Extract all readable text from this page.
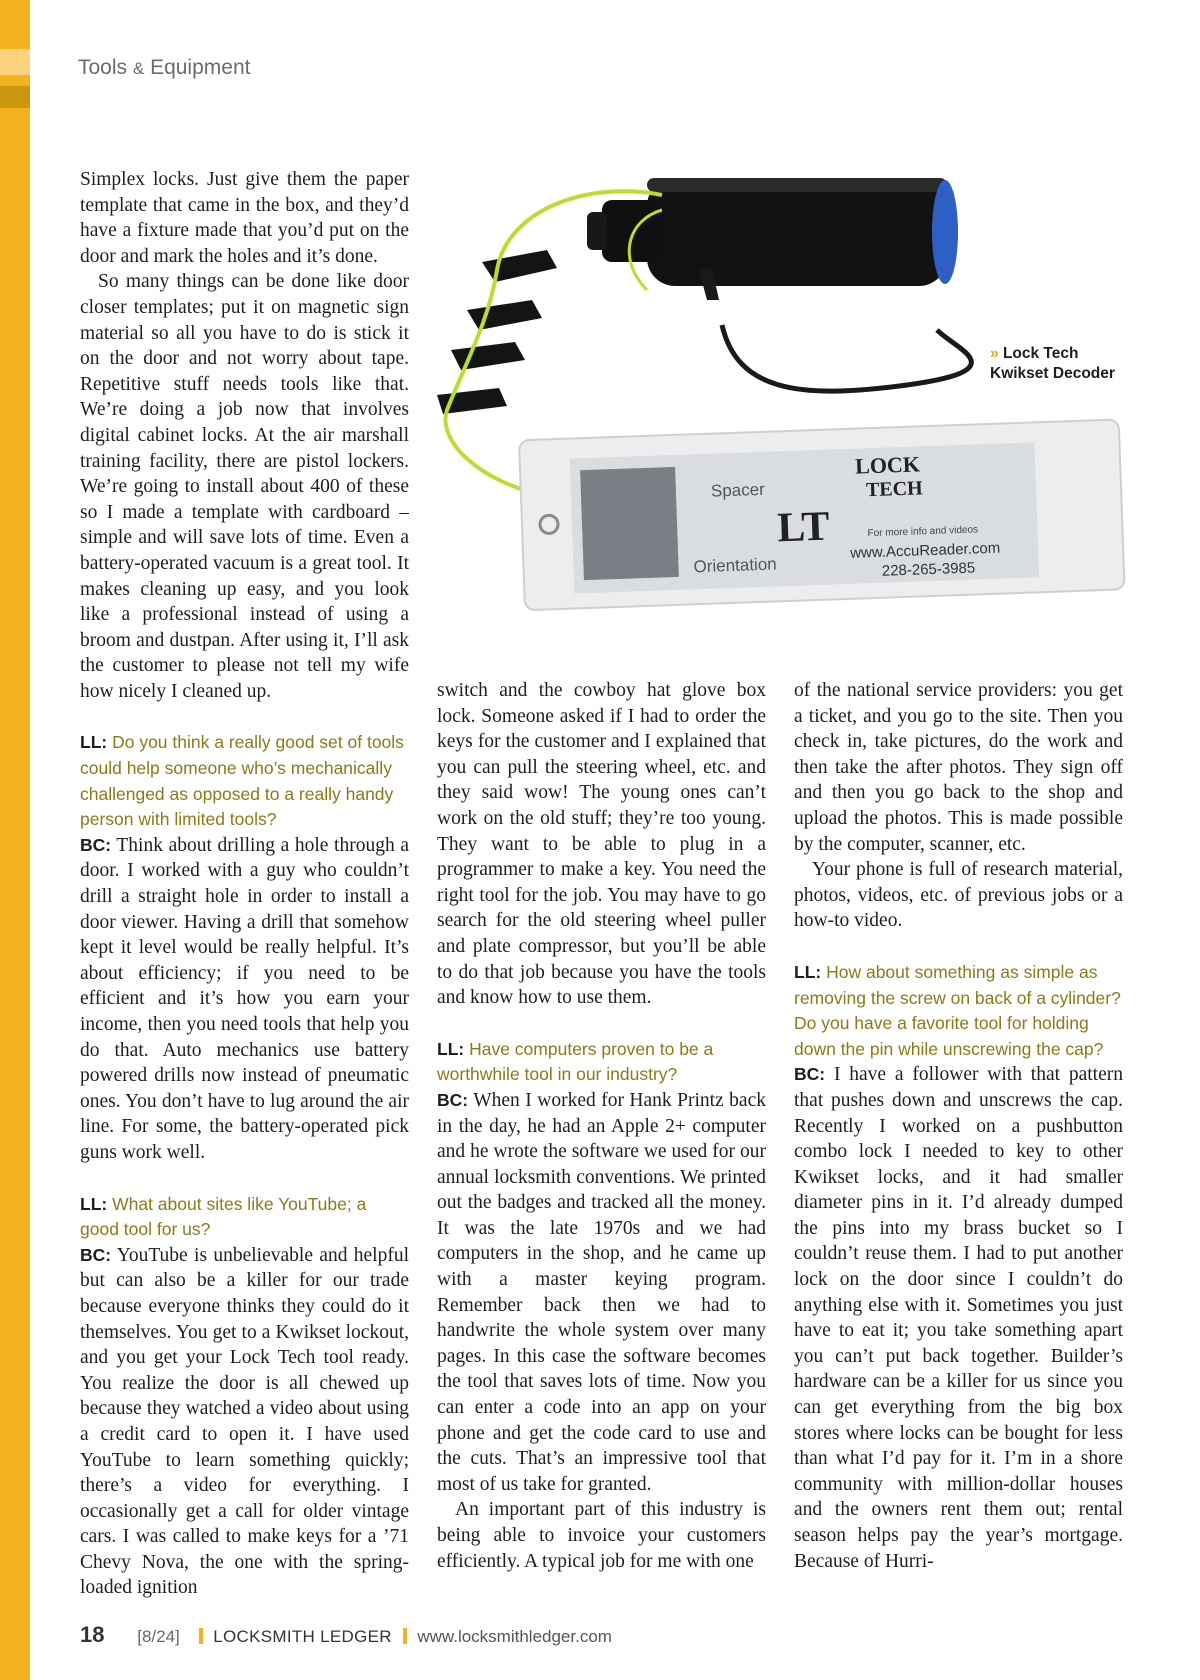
Tools & Equipment

Simplex locks. Just give them the paper template that came in the box, and they’d have a fixture made that you’d put on the door and mark the holes and it’s done.

So many things can be done like door closer templates; put it on magnetic sign material so all you have to do is stick it on the door and not worry about tape. Repetitive stuff needs tools like that. We’re doing a job now that involves digital cabinet locks. At the air marshall training facility, there are pistol lockers. We’re going to install about 400 of these so I made a template with cardboard – simple and will save lots of time. Even a battery-operated vacuum is a great tool. It makes cleaning up easy, and you look like a professional instead of using a broom and dustpan. After using it, I’ll ask the customer to please not tell my wife how nicely I cleaned up.

LL: Do you think a really good set of tools could help someone who’s mechanically challenged as opposed to a really handy person with limited tools?

BC: Think about drilling a hole through a door. I worked with a guy who couldn’t drill a straight hole in order to install a door viewer. Having a drill that somehow kept it level would be really helpful. It’s about efficiency; if you need to be efficient and it’s how you earn your income, then you need tools that help you do that. Auto mechanics use battery powered drills now instead of pneumatic ones. You don’t have to lug around the air line. For some, the battery-operated pick guns work well.

LL: What about sites like YouTube; a good tool for us?

BC: YouTube is unbelievable and helpful but can also be a killer for our trade because everyone thinks they could do it themselves. You get to a Kwikset lockout, and you get your Lock Tech tool ready. You realize the door is all chewed up because they watched a video about using a credit card to open it. I have used YouTube to learn something quickly; there’s a video for everything. I occasionally get a call for older vintage cars. I was called to make keys for a ’71 Chevy Nova, the one with the spring-loaded ignition

Spacer
Orientation
LT
LOCK
TECH
For more info and videos
www.AccuReader.com
228-265-3985
» Lock Tech
Kwikset Decoder

switch and the cowboy hat glove box lock. Someone asked if I had to order the keys for the customer and I explained that you can pull the steering wheel, etc. and they said wow! The young ones can’t work on the old stuff; they’re too young. They want to be able to plug in a programmer to make a key. You need the right tool for the job. You may have to go search for the old steering wheel puller and plate compressor, but you’ll be able to do that job because you have the tools and know how to use them.

LL: Have computers proven to be a worthwhile tool in our industry?

BC: When I worked for Hank Printz back in the day, he had an Apple 2+ computer and he wrote the software we used for our annual locksmith conventions. We printed out the badges and tracked all the money. It was the late 1970s and we had computers in the shop, and he came up with a master keying program. Remember back then we had to handwrite the whole system over many pages. In this case the software becomes the tool that saves lots of time. Now you can enter a code into an app on your phone and get the code card to use and the cuts. That’s an impressive tool that most of us take for granted.

An important part of this industry is being able to invoice your customers efficiently. A typical job for me with one

of the national service providers: you get a ticket, and you go to the site. Then you check in, take pictures, do the work and then take the after photos. They sign off and then you go back to the shop and upload the photos. This is made possible by the computer, scanner, etc.

Your phone is full of research material, photos, videos, etc. of previous jobs or a how-to video.

LL: How about something as simple as removing the screw on back of a cylinder? Do you have a favorite tool for holding down the pin while unscrewing the cap?

BC: I have a follower with that pattern that pushes down and unscrews the cap. Recently I worked on a pushbutton combo lock I needed to key to other Kwikset locks, and it had smaller diameter pins in it. I’d already dumped the pins into my brass bucket so I couldn’t reuse them. I had to put another lock on the door since I couldn’t do anything else with it. Sometimes you just have to eat it; you take something apart you can’t put back together. Builder’s hardware can be a killer for us since you can get everything from the big box stores where locks can be bought for less than what I’d pay for it. I’m in a shore community with million-dollar houses and the owners rent them out; rental season helps pay the year’s mortgage. Because of Hurri-

18 [8/24] LOCKSMITH LEDGER www.locksmithledger.com
